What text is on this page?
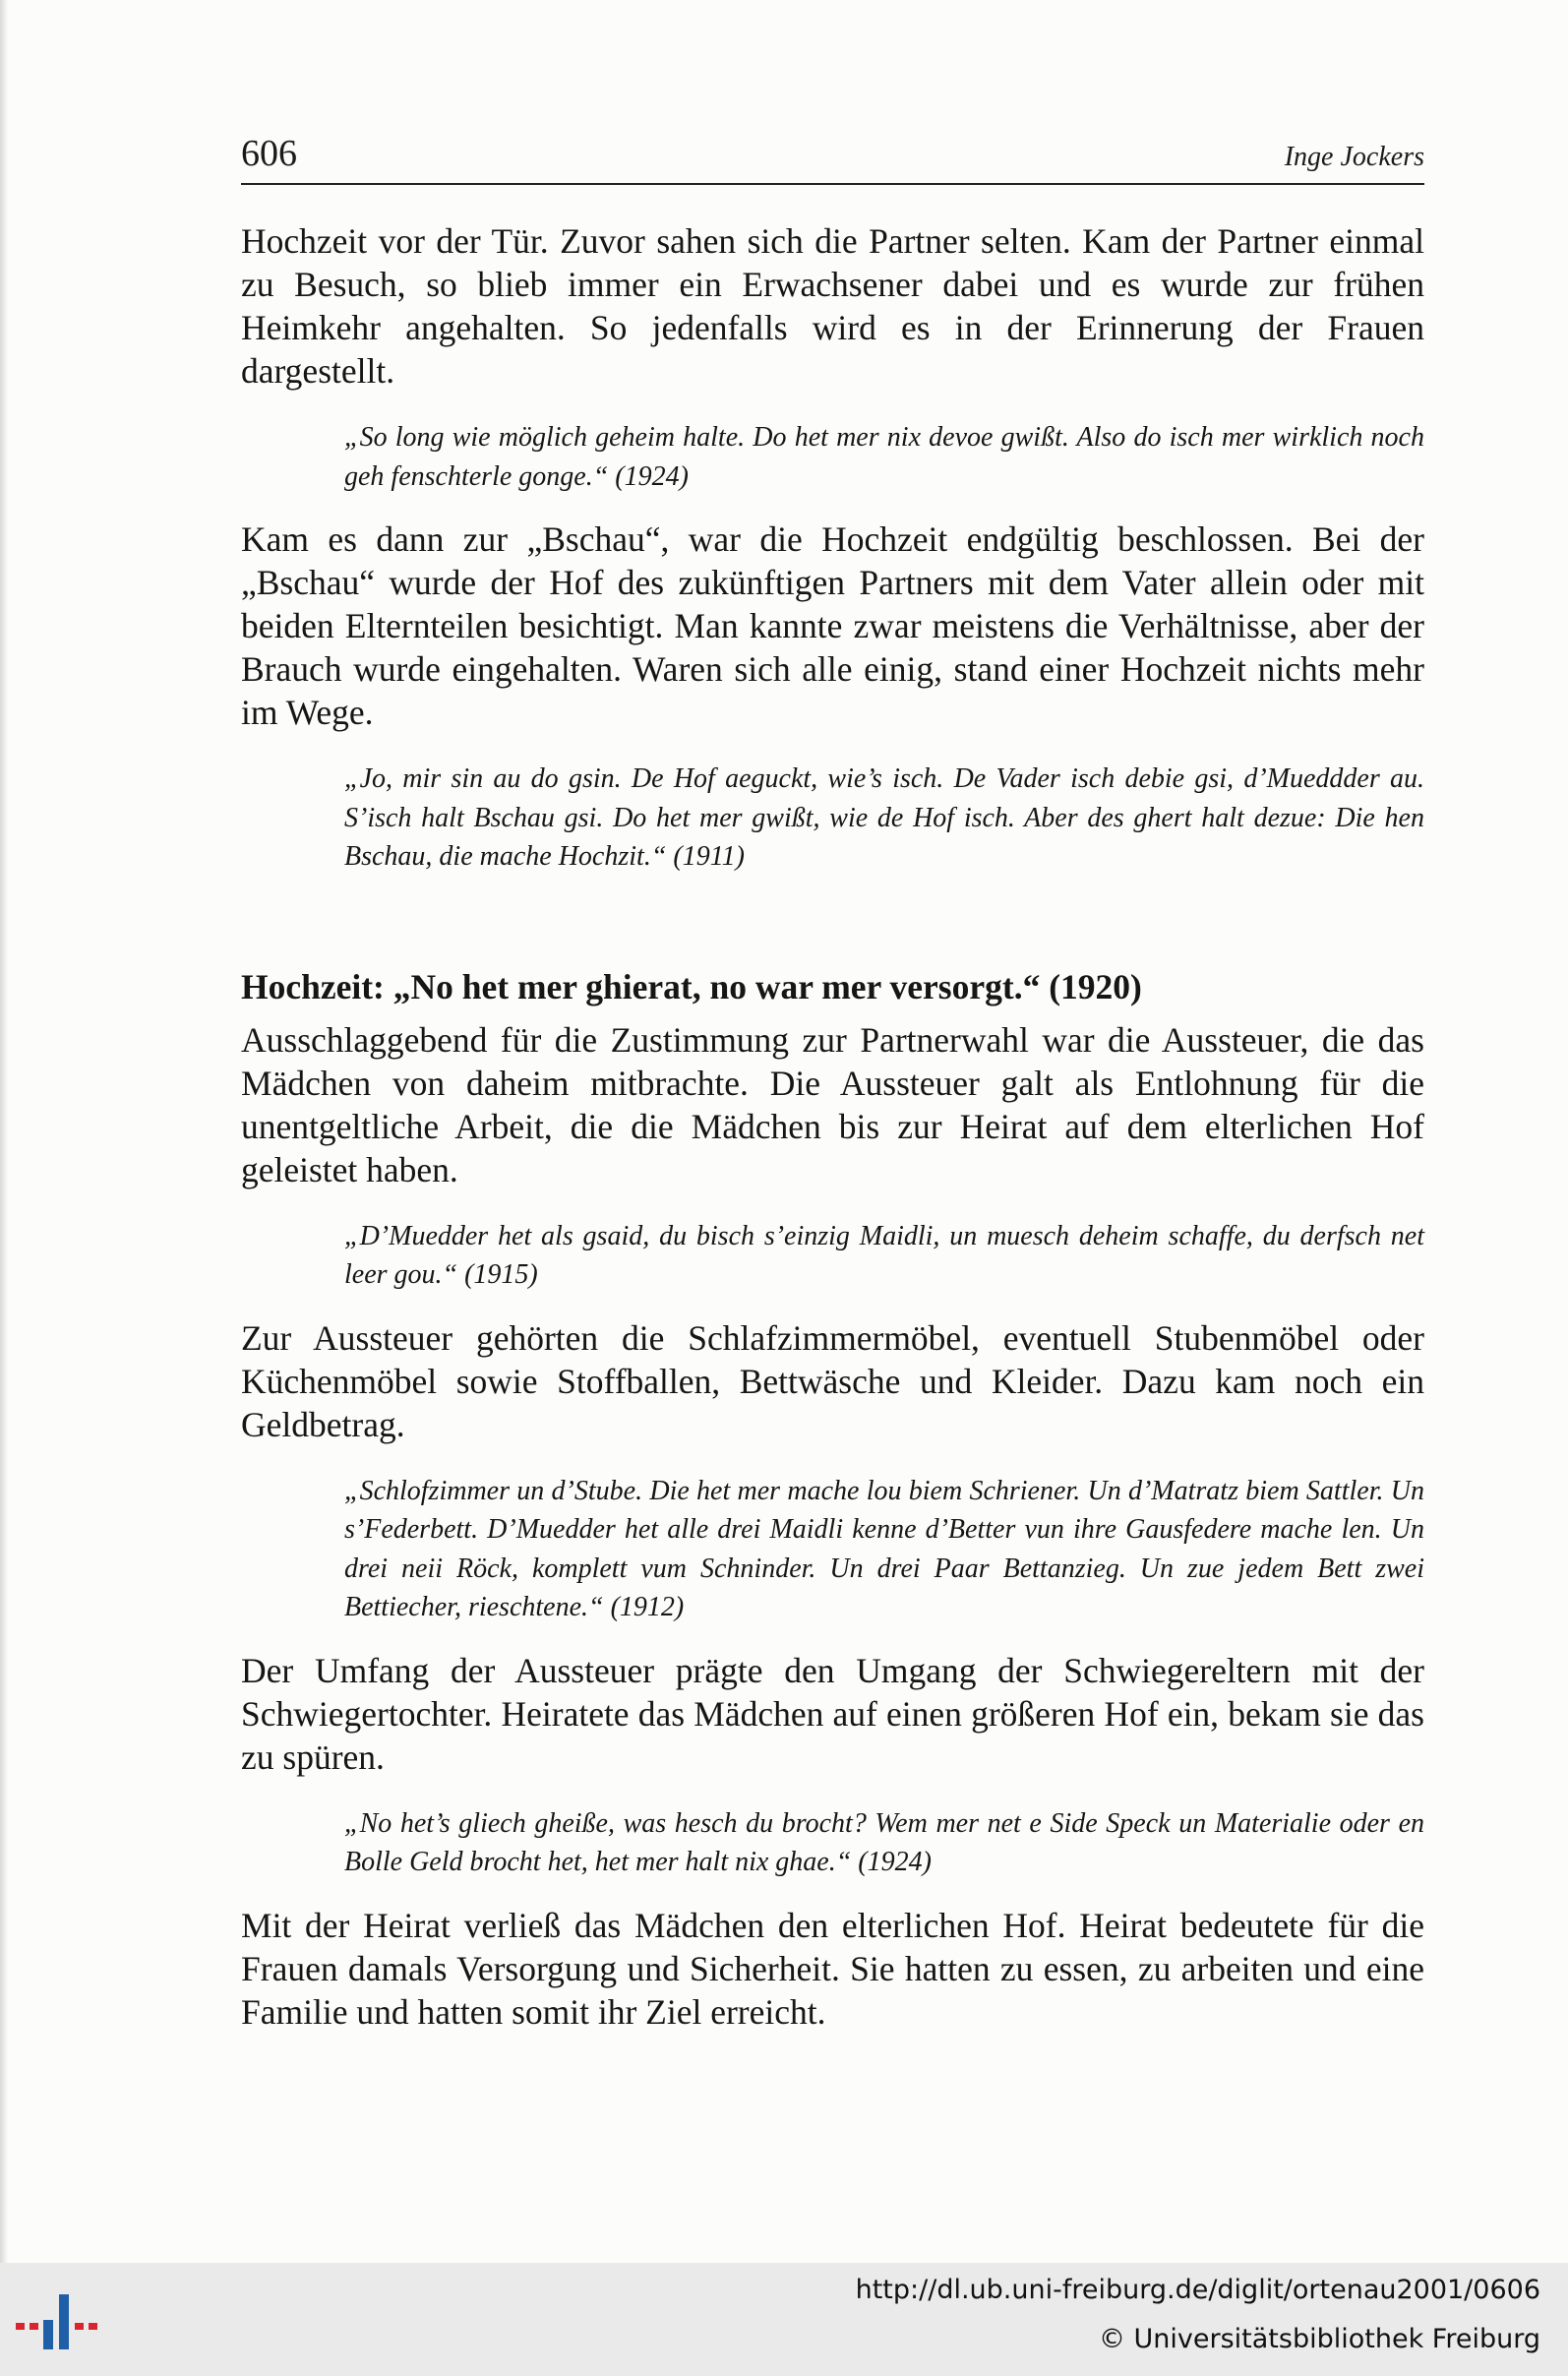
606	Inge Jockers

Hochzeit vor der Tür. Zuvor sahen sich die Partner selten. Kam der Partner einmal zu Besuch, so blieb immer ein Erwachsener dabei und es wurde zur frühen Heimkehr angehalten. So jedenfalls wird es in der Erinnerung der Frauen dargestellt.

„So long wie möglich geheim halte. Do het mer nix devoe gwißt. Also do isch mer wirklich noch geh fenschterle gonge.“ (1924)

Kam es dann zur „Bschau“, war die Hochzeit endgültig beschlossen. Bei der „Bschau“ wurde der Hof des zukünftigen Partners mit dem Vater allein oder mit beiden Elternteilen besichtigt. Man kannte zwar meistens die Verhältnisse, aber der Brauch wurde eingehalten. Waren sich alle einig, stand einer Hochzeit nichts mehr im Wege.

„Jo, mir sin au do gsin. De Hof aeguckt, wie’s isch. De Vader isch debie gsi, d’Mueddder au. S’isch halt Bschau gsi. Do het mer gwißt, wie de Hof isch. Aber des ghert halt dezue: Die hen Bschau, die mache Hochzit.“ (1911)

Hochzeit: „No het mer ghierat, no war mer versorgt.“ (1920)

Ausschlaggebend für die Zustimmung zur Partnerwahl war die Aussteuer, die das Mädchen von daheim mitbrachte. Die Aussteuer galt als Entlohnung für die unentgeltliche Arbeit, die die Mädchen bis zur Heirat auf dem elterlichen Hof geleistet haben.

„D’Muedder het als gsaid, du bisch s’einzig Maidli, un muesch deheim schaffe, du derfsch net leer gou.“ (1915)

Zur Aussteuer gehörten die Schlafzimmermöbel, eventuell Stubenmöbel oder Küchenmöbel sowie Stoffballen, Bettwäsche und Kleider. Dazu kam noch ein Geldbetrag.

„Schlofzimmer un d’Stube. Die het mer mache lou biem Schriener. Un d’Matratz biem Sattler. Un s’Federbett. D’Muedder het alle drei Maidli kenne d’Better vun ihre Gausfedere mache len. Un drei neii Röck, komplett vum Schninder. Un drei Paar Bettanzieg. Un zue jedem Bett zwei Bettiecher, rieschtene.“ (1912)

Der Umfang der Aussteuer prägte den Umgang der Schwiegereltern mit der Schwiegertochter. Heiratete das Mädchen auf einen größeren Hof ein, bekam sie das zu spüren.

„No het’s gliech gheiße, was hesch du brocht? Wem mer net e Side Speck un Materialie oder en Bolle Geld brocht het, het mer halt nix ghae.“ (1924)

Mit der Heirat verließ das Mädchen den elterlichen Hof. Heirat bedeutete für die Frauen damals Versorgung und Sicherheit. Sie hatten zu essen, zu arbeiten und eine Familie und hatten somit ihr Ziel erreicht.

http://dl.ub.uni-freiburg.de/diglit/ortenau2001/0606
© Universitätsbibliothek Freiburg
